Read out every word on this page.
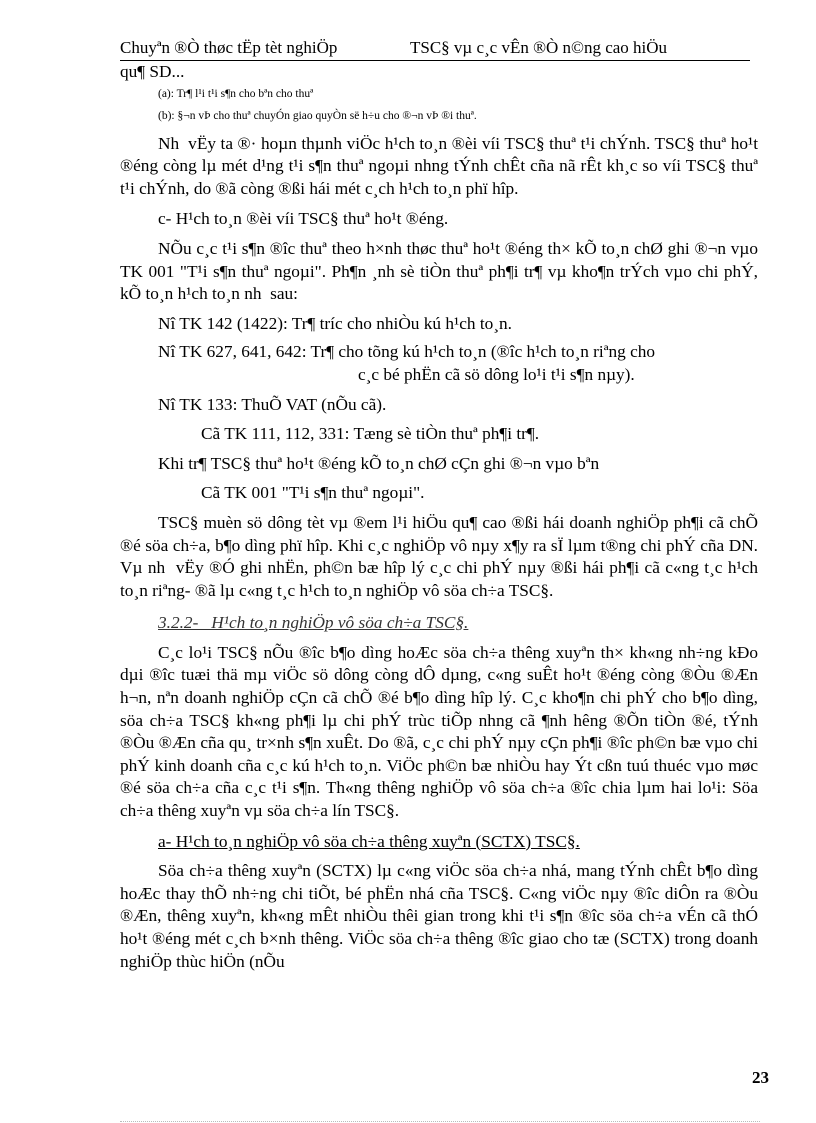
Chuyªn ®Ò thøc tËp tèt nghiÖp	TSC§ vµ c¸c vÊn ®Ò n©ng cao hiÖu

qu¶ SD...

(a): Tr¶ l¹i t¹i s¶n cho bªn cho thuª

(b): §¬n vÞ cho thuª chuyÓn giao quyÒn së h÷u cho ®¬n vÞ ®i thuª.

Nh  vËy ta ®· hoµn thµnh viÖc h¹ch to¸n ®èi víi TSC§ thuª t¹i chÝnh. TSC§ thuª ho¹t ®éng còng lµ mét d¹ng t¹i s¶n thuª ngoµi nhng tÝnh chÊt cña nã rÊt kh¸c so víi TSC§ thuª t¹i chÝnh, do ®ã còng ®ßi hái mét c¸ch h¹ch to¸n phï hîp.

c- H¹ch to¸n ®èi víi TSC§ thuª ho¹t ®éng.

NÕu c¸c t¹i s¶n ®îc thuª theo h×nh thøc thuª ho¹t ®éng th× kÕ to¸n chØ ghi ®¬n vµo TK 001 "T¹i s¶n thuª ngoµi". Ph¶n ¸nh sè tiÒn thuª ph¶i tr¶ vµ kho¶n trÝch vµo chi phÝ, kÕ to¸n h¹ch to¸n nh  sau:

Nî TK 142 (1422): Tr¶ tríc cho nhiÒu kú h¹ch to¸n.

Nî TK 627, 641, 642: Tr¶ cho tõng kú h¹ch to¸n (®îc h¹ch to¸n riªng cho
c¸c bé phËn cã sö dông lo¹i t¹i s¶n nµy).

Nî TK 133: ThuÕ VAT (nÕu cã).

Cã TK 111, 112, 331: Tæng sè tiÒn thuª ph¶i tr¶.

Khi tr¶ TSC§ thuª ho¹t ®éng kÕ to¸n chØ cÇn ghi ®¬n vµo bªn

Cã TK 001 "T¹i s¶n thuª ngoµi".

TSC§ muèn sö dông tèt vµ ®em l¹i hiÖu qu¶ cao ®ßi hái doanh nghiÖp ph¶i cã chÕ ®é söa ch÷a, b¶o dìng phï hîp. Khi c¸c nghiÖp vô nµy x¶y ra sÏ lµm t®ng chi phÝ cña DN. Vµ nh  vËy ®Ó ghi nhËn, ph©n bæ hîp lý c¸c chi phÝ nµy ®ßi hái ph¶i cã c«ng t¸c h¹ch to¸n riªng- ®ã lµ c«ng t¸c h¹ch to¸n nghiÖp vô söa ch÷a TSC§.

3.2.2-   H¹ch to¸n nghiÖp vô söa ch÷a TSC§.

C¸c lo¹i TSC§ nÕu ®îc b¶o dìng hoÆc söa ch÷a thêng xuyªn th× kh«ng nh÷ng kÐo dµi ®îc tuæi thä mµ viÖc sö dông còng dÔ dµng, c«ng suÊt ho¹t ®éng còng ®Òu ®Æn h¬n, nªn doanh nghiÖp cÇn cã chÕ ®é b¶o dìng hîp lý. C¸c kho¶n chi phÝ cho b¶o dìng, söa ch÷a TSC§ kh«ng ph¶i lµ chi phÝ trùc tiÕp nhng cã ¶nh hêng ®Õn tiÒn ®é, tÝnh ®Òu ®Æn cña qu¸ tr×nh s¶n xuÊt. Do ®ã, c¸c chi phÝ nµy cÇn ph¶i ®îc ph©n bæ vµo chi phÝ kinh doanh cña c¸c kú h¹ch to¸n. ViÖc ph©n bæ nhiÒu hay Ýt cßn tuú thuéc vµo møc ®é söa ch÷a cña c¸c t¹i s¶n. Th«ng thêng nghiÖp vô söa ch÷a ®îc chia lµm hai lo¹i: Söa ch÷a thêng xuyªn vµ söa ch÷a lín TSC§.

a- H¹ch to¸n nghiÖp vô söa ch÷a thêng xuyªn (SCTX) TSC§.

Söa ch÷a thêng xuyªn (SCTX) lµ c«ng viÖc söa ch÷a nhá, mang tÝnh chÊt b¶o dìng hoÆc thay thÕ nh÷ng chi tiÕt, bé phËn nhá cña TSC§. C«ng viÖc nµy ®îc diÔn ra ®Òu ®Æn, thêng xuyªn, kh«ng mÊt nhiÒu thêi gian trong khi t¹i s¶n ®îc söa ch÷a vÉn cã thÓ ho¹t ®éng mét c¸ch b×nh thêng. ViÖc söa ch÷a thêng ®îc giao cho tæ (SCTX) trong doanh nghiÖp thùc hiÖn (nÕu

23
